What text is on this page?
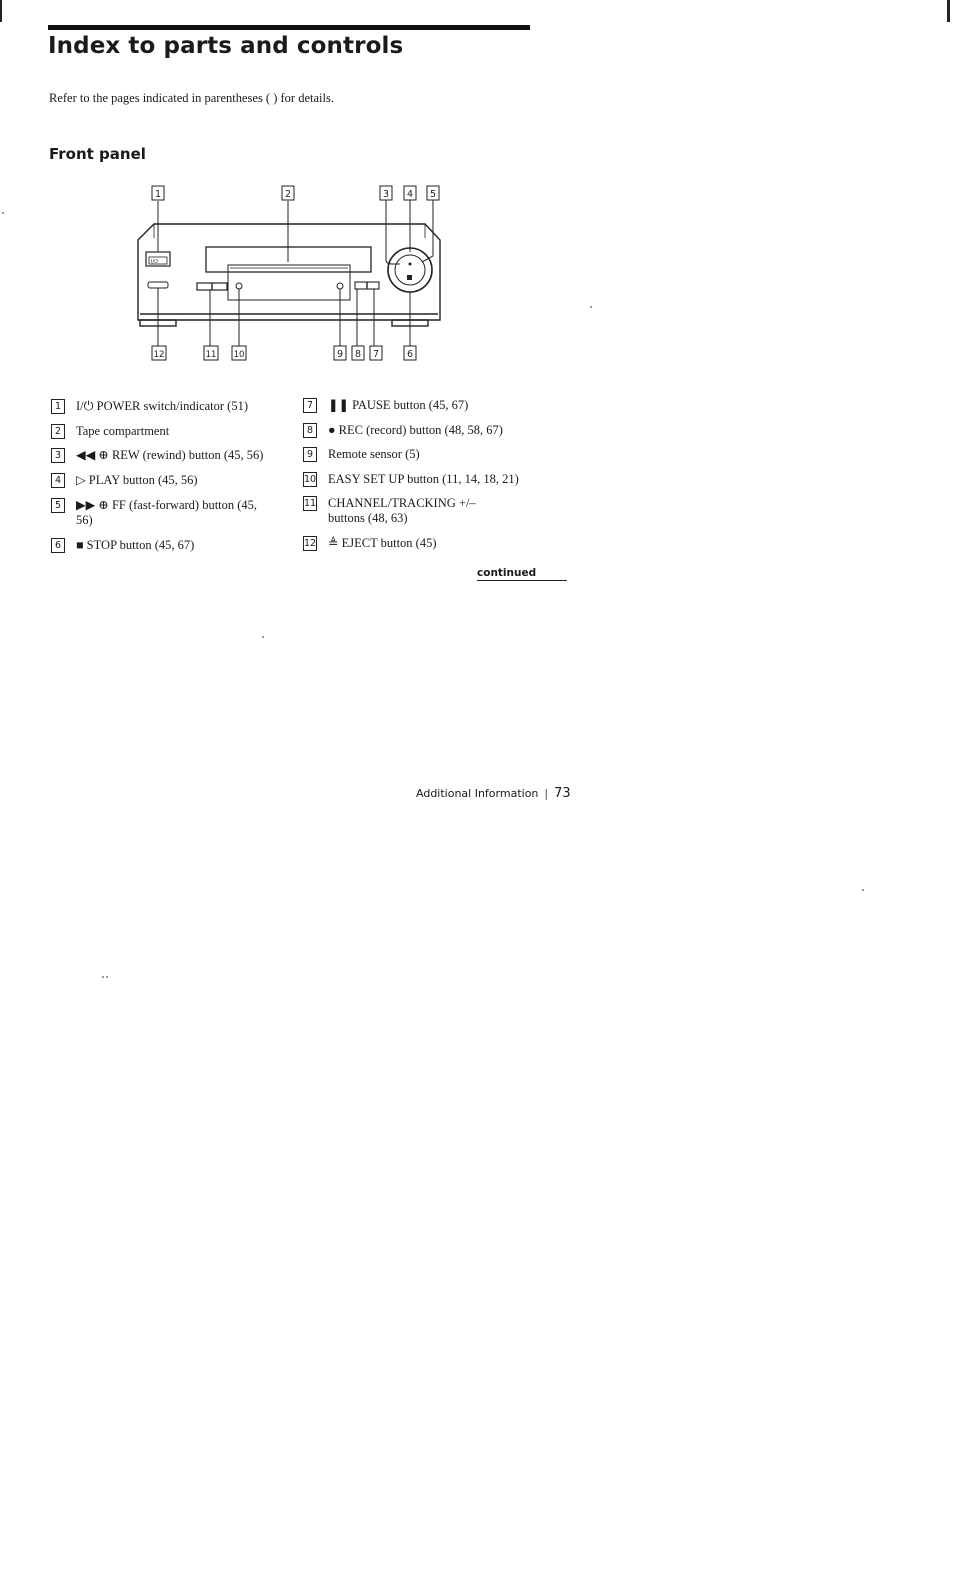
Index to parts and controls

Refer to the pages indicated in parentheses ( ) for details.

Front panel
I/⏻
1	2	3 4 5
12	11 10	9 8 7	6
1	I/⏻ POWER switch/indicator (51)
2	Tape compartment
3	◀◀ ⊕ REW (rewind) button (45, 56)
4	▷ PLAY button (45, 56)
5	▶▶ ⊕ FF (fast-forward) button (45, 56)
6	■ STOP button (45, 67)
7	❚❚ PAUSE button (45, 67)
8	● REC (record) button (48, 58, 67)
9	Remote sensor (5)
10 EASY SET UP button (11, 14, 18, 21)
11 CHANNEL/TRACKING +/– buttons (48, 63)
12 ≜ EJECT button (45)
continued
Additional Information | 73
